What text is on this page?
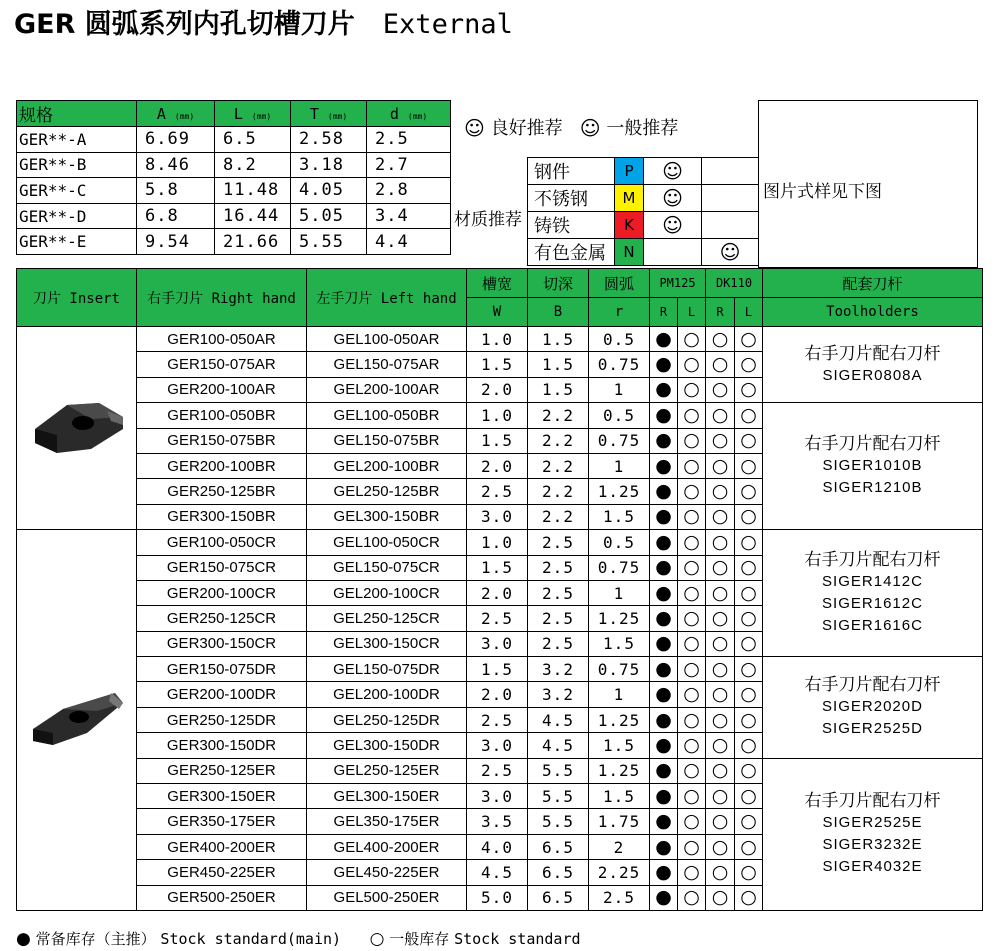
GER 圆弧系列内孔切槽刀片 External
规格	A (mm)	L (mm)	T (mm)	d (mm)
GER**-A	6.69	6.5	2.58	2.5
GER**-B	8.46	8.2	3.18	2.7
GER**-C	5.8	11.48	4.05	2.8
GER**-D	6.8	16.44	5.05	3.4
GER**-E	9.54	21.66	5.55	4.4
☺ 良好推荐 ☺ 一般推荐
材质推荐
钢件	P	☺	
不锈钢	M	☺	
铸铁	K	☺	
有色金属	N		☺
图片式样见下图
刀片 Insert	右手刀片 Right hand	左手刀片 Left hand	槽宽	切深	圆弧	PM125		DK110		配套刀杆
			W	B	r	R	L	R	L	Toolholders
	GER100-050AR	GEL100-050AR	1.0	1.5	0.5	●	○	○	○	右手刀片配右刀杆
SIGER0808A

	GER150-075AR	GEL150-075AR	1.5	1.5	0.75	●	○	○	○	
	GER200-100AR	GEL200-100AR	2.0	1.5	1	●	○	○	○	
	GER100-050BR	GEL100-050BR	1.0	2.2	0.5	●	○	○	○	右手刀片配右刀杆
SIGER1010B
SIGER1210B

	GER150-075BR	GEL150-075BR	1.5	2.2	0.75	●	○	○	○	
	GER200-100BR	GEL200-100BR	2.0	2.2	1	●	○	○	○	
	GER250-125BR	GEL250-125BR	2.5	2.2	1.25	●	○	○	○	
	GER300-150BR	GEL300-150BR	3.0	2.2	1.5	●	○	○	○	
	GER100-050CR	GEL100-050CR	1.0	2.5	0.5	●	○	○	○	右手刀片配右刀杆
SIGER1412C
SIGER1612C
SIGER1616C

	GER150-075CR	GEL150-075CR	1.5	2.5	0.75	●	○	○	○	
	GER200-100CR	GEL200-100CR	2.0	2.5	1	●	○	○	○	
	GER250-125CR	GEL250-125CR	2.5	2.5	1.25	●	○	○	○	
	GER300-150CR	GEL300-150CR	3.0	2.5	1.5	●	○	○	○	
	GER150-075DR	GEL150-075DR	1.5	3.2	0.75	●	○	○	○	右手刀片配右刀杆
SIGER2020D
SIGER2525D

	GER200-100DR	GEL200-100DR	2.0	3.2	1	●	○	○	○	
	GER250-125DR	GEL250-125DR	2.5	4.5	1.25	●	○	○	○	
	GER300-150DR	GEL300-150DR	3.0	4.5	1.5	●	○	○	○	
	GER250-125ER	GEL250-125ER	2.5	5.5	1.25	●	○	○	○	右手刀片配右刀杆
SIGER2525E
SIGER3232E
SIGER4032E

	GER300-150ER	GEL300-150ER	3.0	5.5	1.5	●	○	○	○	
	GER350-175ER	GEL350-175ER	3.5	5.5	1.75	●	○	○	○	
	GER400-200ER	GEL400-200ER	4.0	6.5	2	●	○	○	○	
	GER450-225ER	GEL450-225ER	4.5	6.5	2.25	●	○	○	○	
	GER500-250ER	GEL500-250ER	5.0	6.5	2.5	●	○	○	○	
● 常备库存（主推） Stock standard(main) ○ 一般库存 Stock standard
